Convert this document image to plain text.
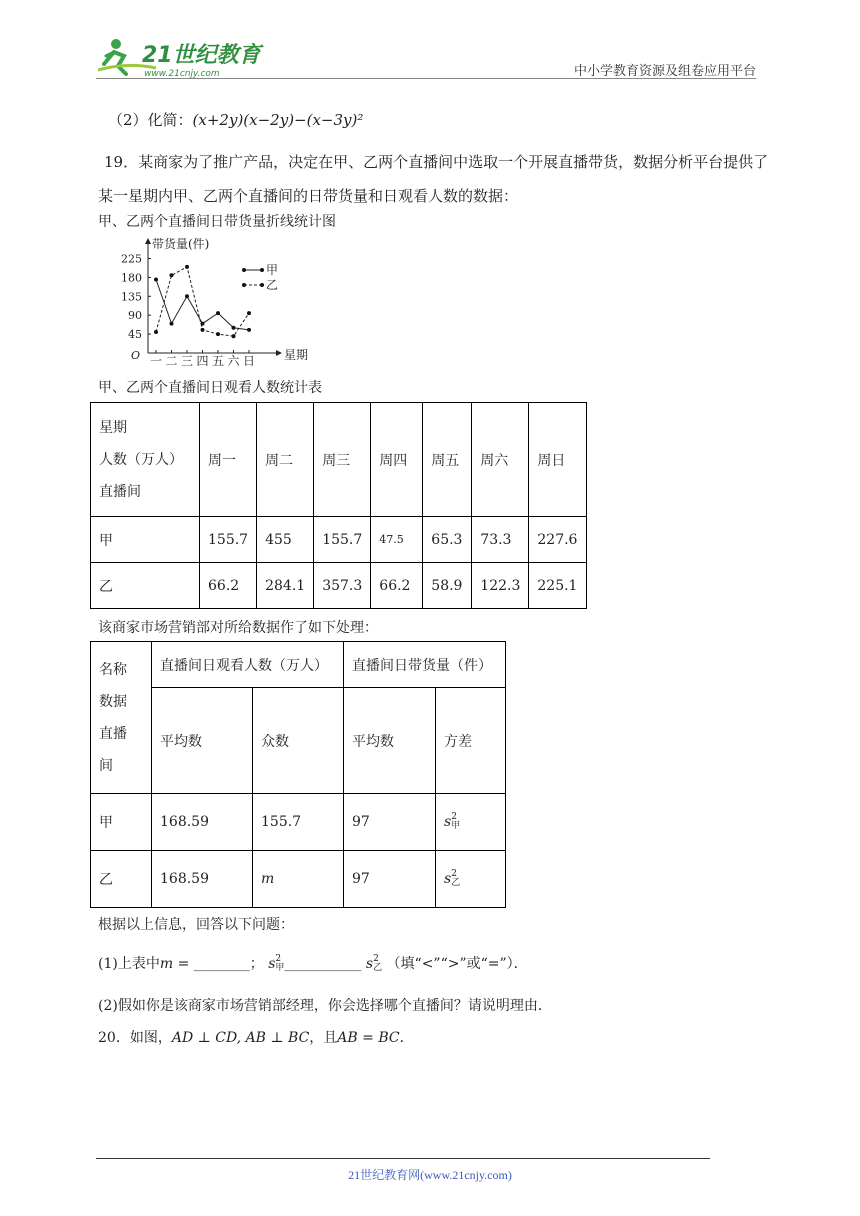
21世纪教育
www.21cnjy.com	中小学教育资源及组卷应用平台
（2）化简：(x+2y)(x−2y)−(x−3y)²
19．某商家为了推广产品，决定在甲、乙两个直播间中选取一个开展直播带货，数据分析平台提供了
某一星期内甲、乙两个直播间的日带货量和日观看人数的数据：
甲、乙两个直播间日带货量折线统计图
带货量(件)
星期
O
45
90
135
180
225
一 二 三 四 五 六 日
甲
乙
甲、乙两个直播间日观看人数统计表
星期
人数（万人）
直播间	周一	周二	周三	周四	周五	周六	周日
甲	155.7	455	155.7	47.5	65.3	73.3	227.6
乙	66.2	284.1	357.3	66.2	58.9	122.3	225.1
该商家市场营销部对所给数据作了如下处理：
名称
数据
直播
间	直播间日观看人数（万人）		直播间日带货量（件）	
	平均数	众数	平均数	方差
甲	168.59	155.7	97	s 2
甲

乙	168.59	m	97	s 2
乙
根据以上信息，回答以下问题：
(1)上表中m = ________； s 2
甲 ___________ s 2
乙 （填“<”“>”或“=”）．
(2)假如你是该商家市场营销部经理，你会选择哪个直播间？请说明理由．
20．如图，AD ⊥ CD, AB ⊥ BC，且AB = BC．
21世纪教育网(www.21cnjy.com)
